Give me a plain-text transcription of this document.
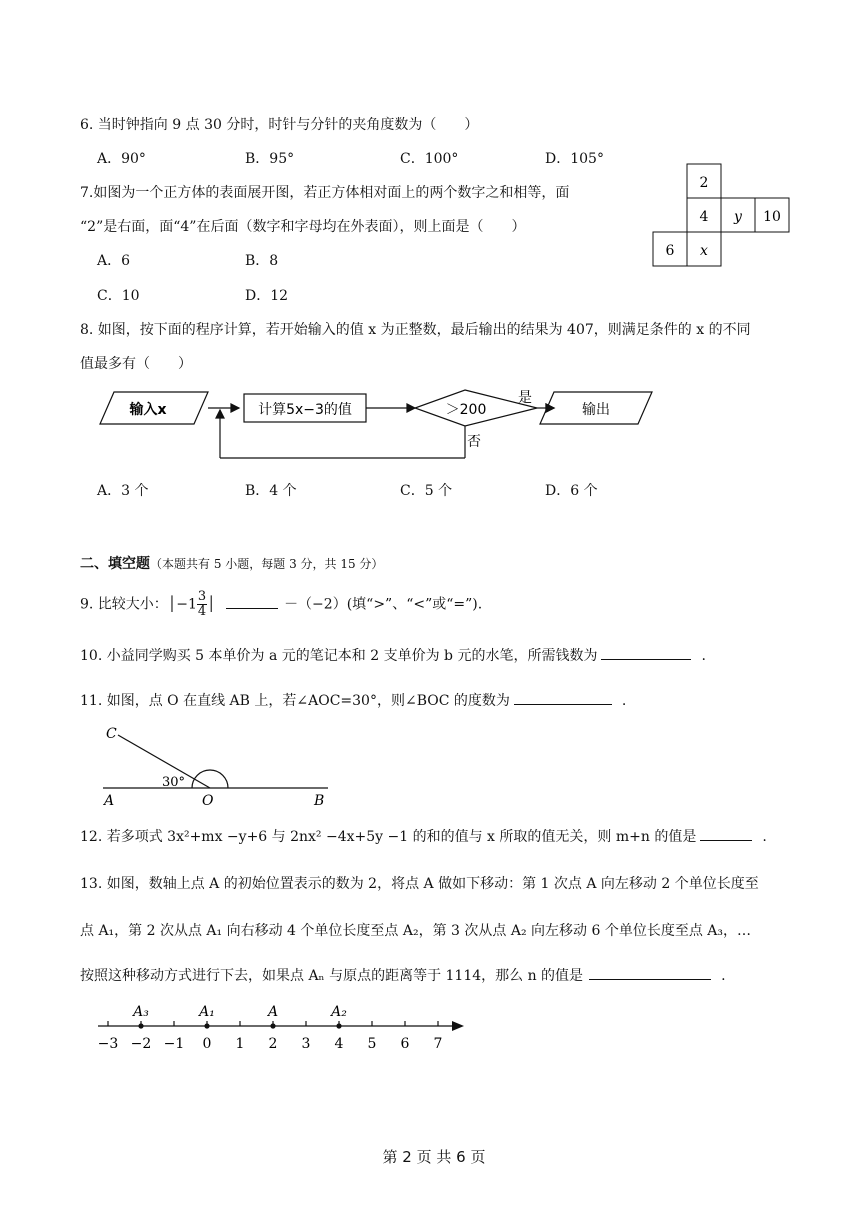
6. 当时钟指向 9 点 30 分时，时针与分针的夹角度数为（　　）
A．90°	B．95°	C．100°	D．105°
7.如图为一个正方体的表面展开图，若正方体相对面上的两个数字之和相等，面
“2”是右面，面“4”在后面（数字和字母均在外表面），则上面是（　　）
A．6	B．8
C．10	D．12
2
4 y 10
6 x
8. 如图，按下面的程序计算，若开始输入的值 x 为正整数，最后输出的结果为 407，则满足条件的 x 的不同
值最多有（　　）
输入x	计算5x−3的值	＞200
是
否
输出
A．3 个	B．4 个	C．5 个	D．6 个
二、填空题（本题共有 5 小题，每题 3 分，共 15 分）
9. 比较大小：│−1 $\frac{3}{4}$ │	－（−2）(填“>”、“<”或“=”).
10. 小益同学购买 5 本单价为 a 元的笔记本和 2 支单价为 b 元的水笔，所需钱数为	.
11. 如图，点 O 在直线 AB 上，若∠AOC=30°，则∠BOC 的度数为	.
C
30°
A	O	B
12. 若多项式 3x²+mx −y+6 与 2nx² −4x+5y −1 的和的值与 x 所取的值无关，则 m+n 的值是	.
13. 如图，数轴上点 A 的初始位置表示的数为 2，将点 A 做如下移动：第 1 次点 A 向左移动 2 个单位长度至
点 A₁，第 2 次从点 A₁ 向右移动 4 个单位长度至点 A₂，第 3 次从点 A₂ 向左移动 6 个单位长度至点 A₃，…
按照这种移动方式进行下去，如果点 Aₙ 与原点的距离等于 1114，那么 n 的值是	.
−3 −2 −1 0 1 2 3 4 5 6 7
A₃	A₁	A	A₂
第 2 页 共 6 页
